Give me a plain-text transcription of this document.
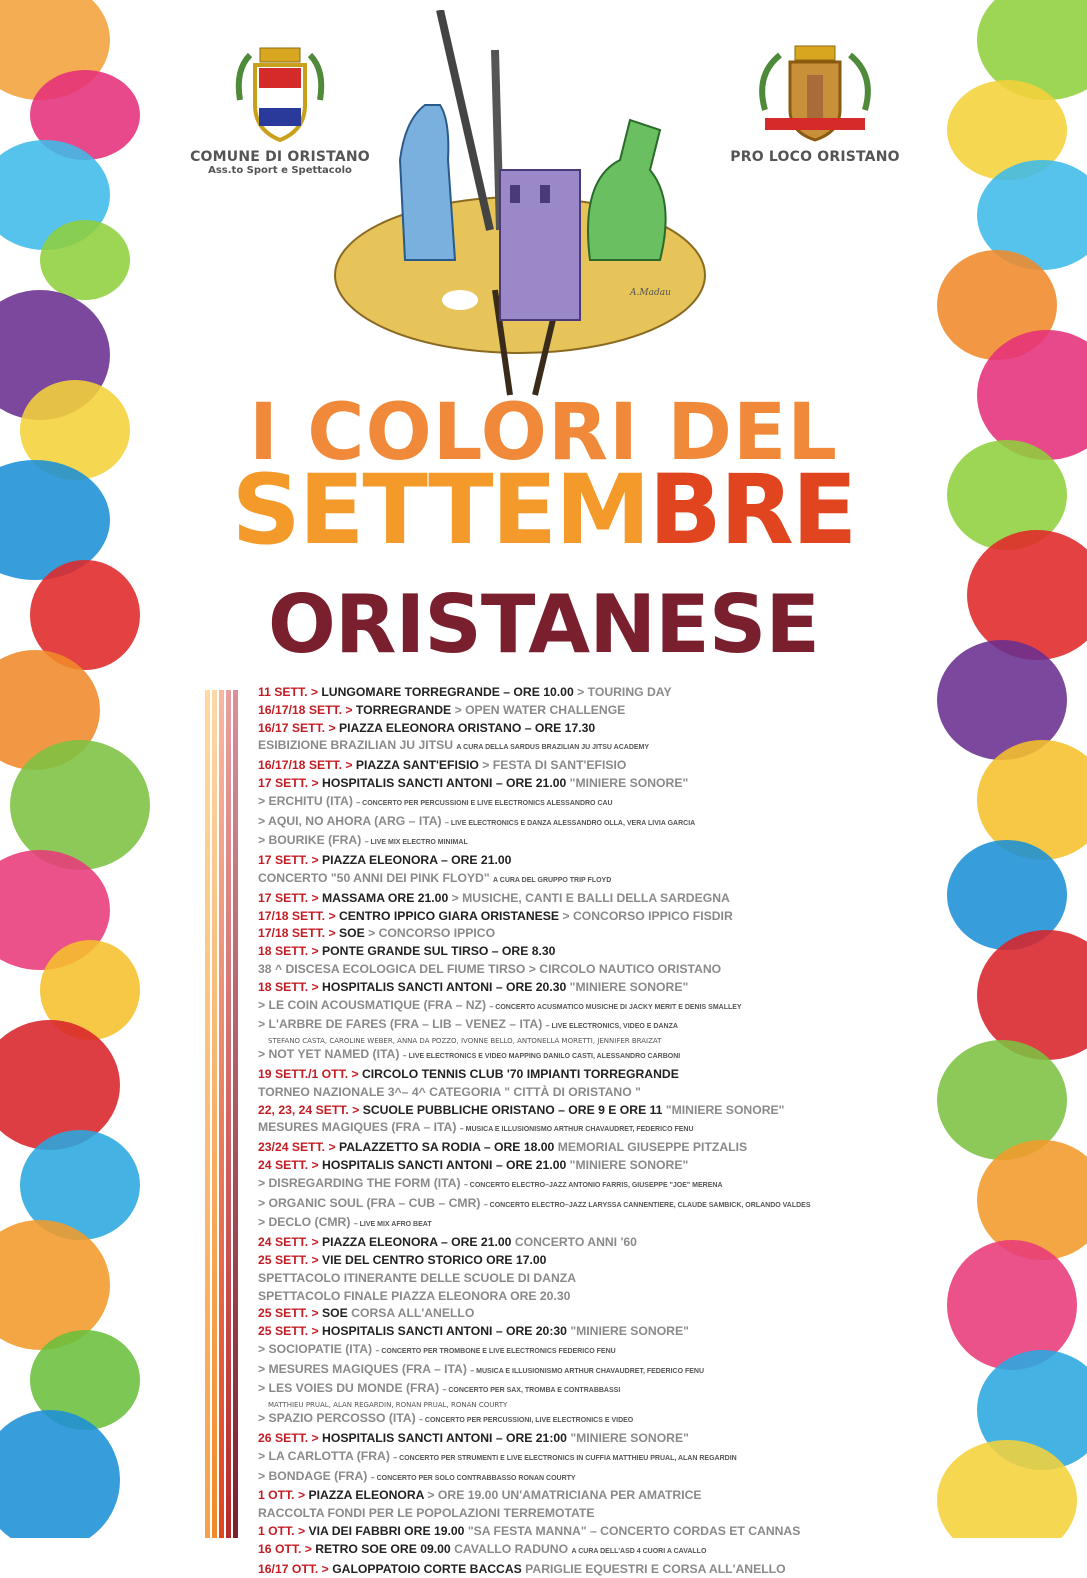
COMUNE DI ORISTANO
Ass.to Sport e Spettacolo
PRO LOCO ORISTANO
A.Madau
I COLORI DEL
SETTEMBRE
ORISTANESE
11 SETT. > LUNGOMARE TORREGRANDE – ORE 10.00 > TOURING DAY
16/17/18 SETT. > TORREGRANDE > OPEN WATER CHALLENGE
16/17 SETT. > PIAZZA ELEONORA ORISTANO – ORE 17.30
ESIBIZIONE BRAZILIAN JU JITSU A CURA DELLA SARDUS BRAZILIAN JU JITSU ACADEMY
16/17/18 SETT. > PIAZZA SANT'EFISIO > FESTA DI SANT'EFISIO
17 SETT. > HOSPITALIS SANCTI ANTONI – ORE 21.00 "MINIERE SONORE"
> ERCHITU (ITA) – CONCERTO PER PERCUSSIONI E LIVE ELECTRONICS ALESSANDRO CAU
> AQUI, NO AHORA (ARG – ITA) – LIVE ELECTRONICS E DANZA ALESSANDRO OLLA, VERA LIVIA GARCIA
> BOURIKE (FRA) – LIVE MIX ELECTRO MINIMAL
17 SETT. > PIAZZA ELEONORA – ORE 21.00
CONCERTO "50 ANNI DEI PINK FLOYD" A CURA DEL GRUPPO TRIP FLOYD
17 SETT. > MASSAMA ORE 21.00 > MUSICHE, CANTI E BALLI DELLA SARDEGNA
17/18 SETT. > CENTRO IPPICO GIARA ORISTANESE > CONCORSO IPPICO FISDIR
17/18 SETT. > SOE > CONCORSO IPPICO
18 SETT. > PONTE GRANDE SUL TIRSO – ORE 8.30
38 ^ DISCESA ECOLOGICA DEL FIUME TIRSO > CIRCOLO NAUTICO ORISTANO
18 SETT. > HOSPITALIS SANCTI ANTONI – ORE 20.30 "MINIERE SONORE"
> LE COIN ACOUSMATIQUE (FRA – NZ) – CONCERTO ACUSMATICO MUSICHE DI JACKY MERIT E DENIS SMALLEY
> L'ARBRE DE FARES (FRA – LIB – VENEZ – ITA) – LIVE ELECTRONICS, VIDEO E DANZA
STEFANO CASTA, CAROLINE WEBER, ANNA DA POZZO, IVONNE BELLO, ANTONELLA MORETTI, JENNIFER BRAIZAT
> NOT YET NAMED (ITA) – LIVE ELECTRONICS E VIDEO MAPPING DANILO CASTI, ALESSANDRO CARBONI
19 SETT./1 OTT. > CIRCOLO TENNIS CLUB '70 IMPIANTI TORREGRANDE
TORNEO NAZIONALE 3^– 4^ CATEGORIA " CITTÀ DI ORISTANO "
22, 23, 24 SETT. > SCUOLE PUBBLICHE ORISTANO – ORE 9 E ORE 11 "MINIERE SONORE"
MESURES MAGIQUES (FRA – ITA) – MUSICA E ILLUSIONISMO ARTHUR CHAVAUDRET, FEDERICO FENU
23/24 SETT. > PALAZZETTO SA RODIA – ORE 18.00 MEMORIAL GIUSEPPE PITZALIS
24 SETT. > HOSPITALIS SANCTI ANTONI – ORE 21.00 "MINIERE SONORE"
> DISREGARDING THE FORM (ITA) – CONCERTO ELECTRO–JAZZ ANTONIO FARRIS, GIUSEPPE "JOE" MERENA
> ORGANIC SOUL (FRA – CUB – CMR) – CONCERTO ELECTRO–JAZZ LARYSSA CANNENTIERE, CLAUDE SAMBICK, ORLANDO VALDES
> DECLO (CMR) – LIVE MIX AFRO BEAT
24 SETT. > PIAZZA ELEONORA – ORE 21.00 CONCERTO ANNI '60
25 SETT. > VIE DEL CENTRO STORICO ORE 17.00
SPETTACOLO ITINERANTE DELLE SCUOLE DI DANZA
SPETTACOLO FINALE PIAZZA ELEONORA ORE 20.30
25 SETT. > SOE CORSA ALL'ANELLO
25 SETT. > HOSPITALIS SANCTI ANTONI – ORE 20:30 "MINIERE SONORE"
> SOCIOPATIE (ITA) – CONCERTO PER TROMBONE E LIVE ELECTRONICS FEDERICO FENU
> MESURES MAGIQUES (FRA – ITA) – MUSICA E ILLUSIONISMO ARTHUR CHAVAUDRET, FEDERICO FENU
> LES VOIES DU MONDE (FRA) – CONCERTO PER SAX, TROMBA E CONTRABBASSI
MATTHIEU PRUAL, ALAN REGARDIN, RONAN PRUAL, RONAN COURTY
> SPAZIO PERCOSSO (ITA) – CONCERTO PER PERCUSSIONI, LIVE ELECTRONICS E VIDEO
26 SETT. > HOSPITALIS SANCTI ANTONI – ORE 21:00 "MINIERE SONORE"
> LA CARLOTTA (FRA) – CONCERTO PER STRUMENTI E LIVE ELECTRONICS IN CUFFIA MATTHIEU PRUAL, ALAN REGARDIN
> BONDAGE (FRA) – CONCERTO PER SOLO CONTRABBASSO RONAN COURTY
1 OTT. > PIAZZA ELEONORA > ORE 19.00 UN'AMATRICIANA PER AMATRICE
RACCOLTA FONDI PER LE POPOLAZIONI TERREMOTATE
1 OTT. > VIA DEI FABBRI ORE 19.00 "SA FESTA MANNA" – CONCERTO CORDAS ET CANNAS
16 OTT. > RETRO SOE ORE 09.00 CAVALLO RADUNO A CURA DELL'ASD 4 CUORI A CAVALLO
16/17 OTT. > GALOPPATOIO CORTE BACCAS PARIGLIE EQUESTRI E CORSA ALL'ANELLO
